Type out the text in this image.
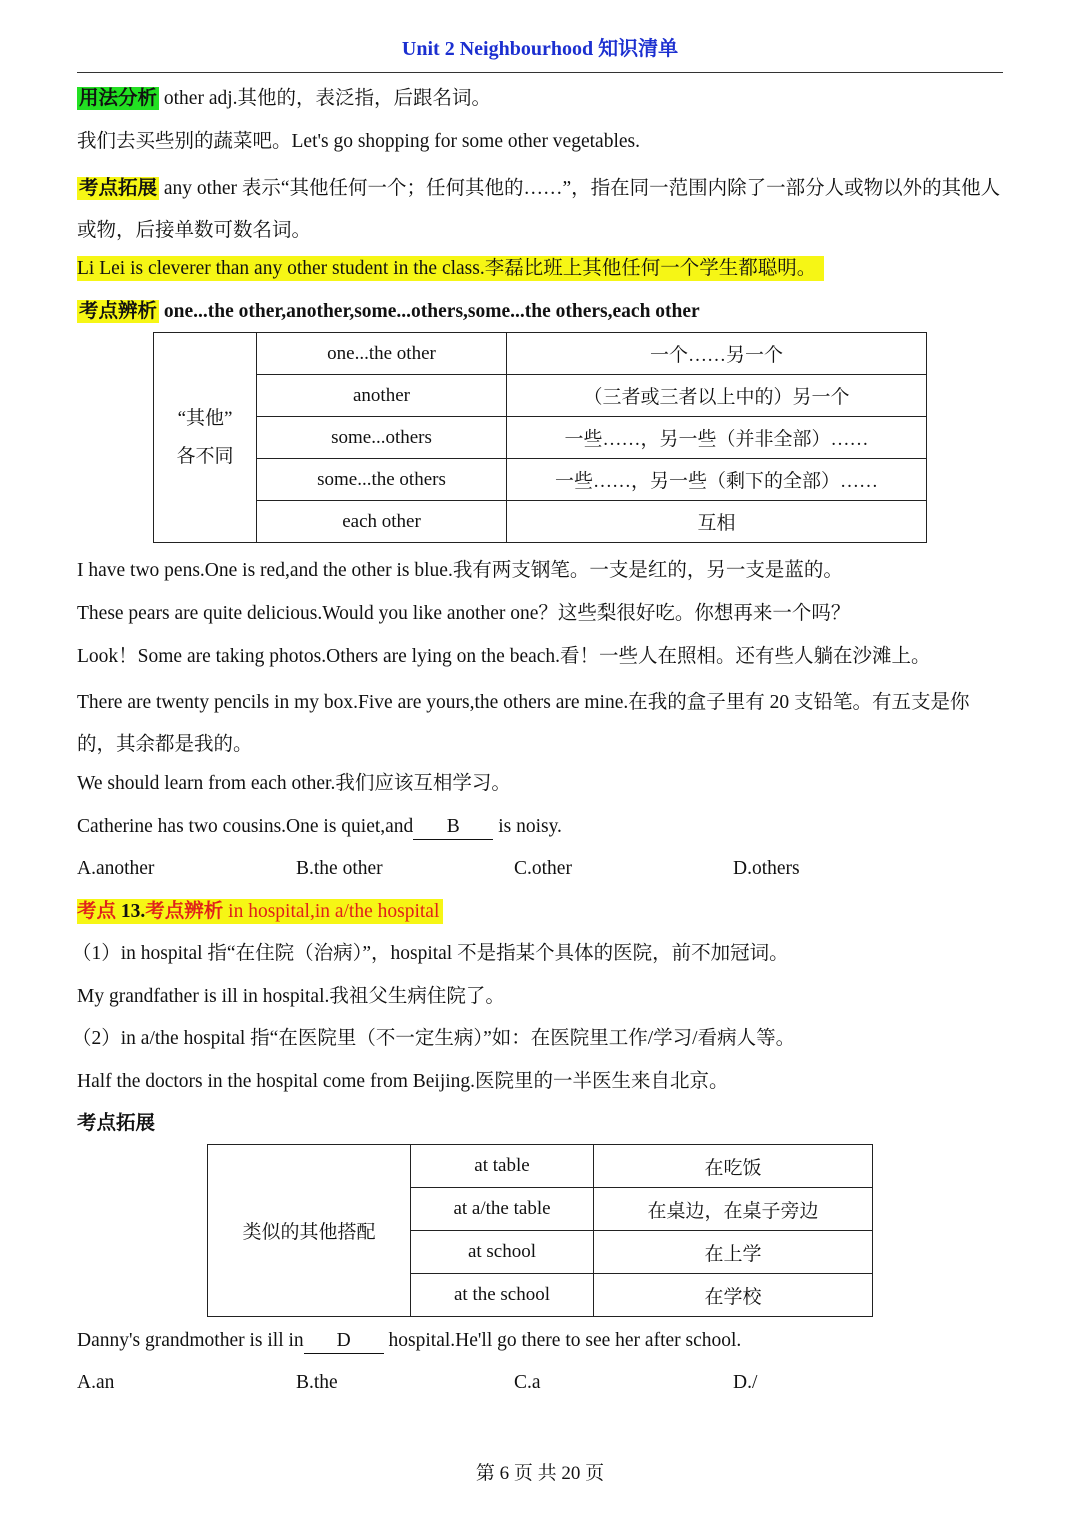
Unit 2 Neighbourhood 知识清单
用法分析 other adj.其他的，表泛指，后跟名词。
我们去买些别的蔬菜吧。Let's go shopping for some other vegetables.
考点拓展 any other 表示“其他任何一个；任何其他的……”，指在同一范围内除了一部分人或物以外的其他人或物，后接单数可数名词。
Li Lei is cleverer than any other student in the class.李磊比班上其他任何一个学生都聪明。
考点辨析 one...the other,another,some...others,some...the others,each other
“其他”
各不同	one...the other	一个……另一个
	another	（三者或三者以上中的）另一个
	some...others	一些……，另一些（并非全部）……
	some...the others	一些……，另一些（剩下的全部）……
	each other	互相
I have two pens.One is red,and the other is blue.我有两支钢笔。一支是红的，另一支是蓝的。
These pears are quite delicious.Would you like another one？这些梨很好吃。你想再来一个吗？
Look！Some are taking photos.Others are lying on the beach.看！一些人在照相。还有些人躺在沙滩上。
There are twenty pencils in my box.Five are yours,the others are mine.在我的盒子里有 20 支铅笔。有五支是你的，其余都是我的。
We should learn from each other.我们应该互相学习。
Catherine has two cousins.One is quiet,and B is noisy.
A.another	B.the other	C.other	D.others
考点 13.考点辨析 in hospital,in a/the hospital
（1）in hospital 指“在住院（治病）”，hospital 不是指某个具体的医院，前不加冠词。
My grandfather is ill in hospital.我祖父生病住院了。
（2）in a/the hospital 指“在医院里（不一定生病）”如：在医院里工作/学习/看病人等。
Half the doctors in the hospital come from Beijing.医院里的一半医生来自北京。
考点拓展
类似的其他搭配	at table	在吃饭
	at a/the table	在桌边，在桌子旁边
	at school	在上学
	at the school	在学校
Danny's grandmother is ill in D hospital.He'll go there to see her after school.
A.an	B.the	C.a	D./
第 6 页 共 20 页
